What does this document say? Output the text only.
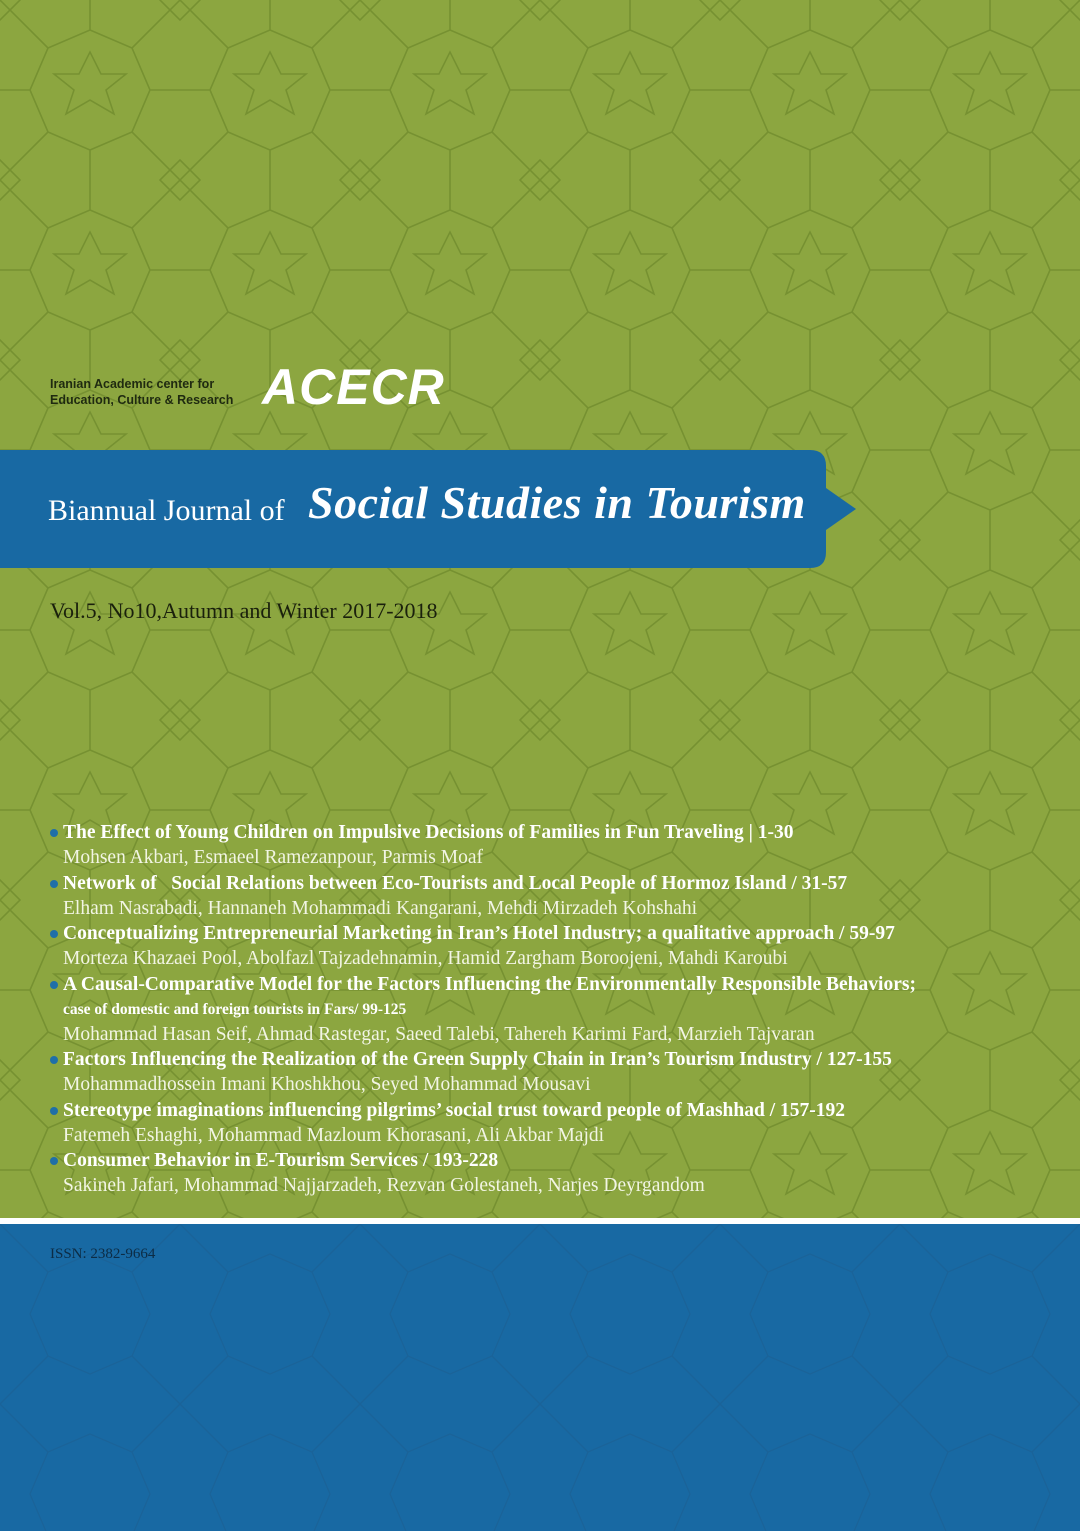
Iranian Academic center for
Education, Culture & Research ACECR
Biannual Journal of Social Studies in Tourism
Vol.5, No10,Autumn and Winter 2017-2018
The Effect of Young Children on Impulsive Decisions of Families in Fun Traveling | 1-30
Mohsen Akbari, Esmaeel Ramezanpour, Parmis Moaf
Network of   Social Relations between Eco-Tourists and Local People of Hormoz Island / 31-57
Elham Nasrabadi, Hannaneh Mohammadi Kangarani, Mehdi Mirzadeh Kohshahi
Conceptualizing Entrepreneurial Marketing in Iran’s Hotel Industry; a qualitative approach / 59-97
Morteza Khazaei Pool, Abolfazl Tajzadehnamin, Hamid Zargham Boroojeni, Mahdi Karoubi
A Causal-Comparative Model for the Factors Influencing the Environmentally Responsible Behaviors;
case of domestic and foreign tourists in Fars/ 99-125
Mohammad Hasan Seif, Ahmad Rastegar, Saeed Talebi, Tahereh Karimi Fard, Marzieh Tajvaran
Factors Influencing the Realization of the Green Supply Chain in Iran’s Tourism Industry / 127-155
Mohammadhossein Imani Khoshkhou, Seyed Mohammad Mousavi
Stereotype imaginations influencing pilgrims’ social trust toward people of Mashhad / 157-192
Fatemeh Eshaghi, Mohammad Mazloum Khorasani, Ali Akbar Majdi
Consumer Behavior in E-Tourism Services / 193-228
Sakineh Jafari, Mohammad Najjarzadeh, Rezvan Golestaneh, Narjes Deyrgandom
ISSN: 2382-9664
